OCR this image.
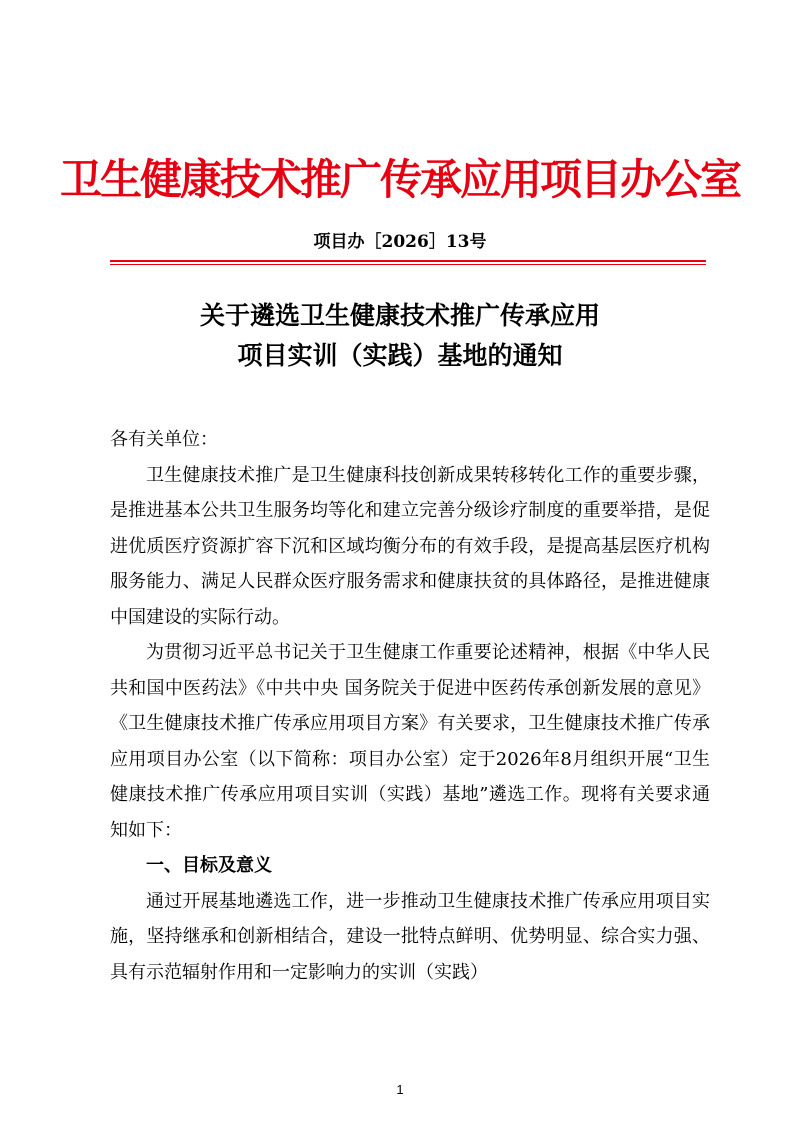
卫生健康技术推广传承应用项目办公室
项目办［2026］13号
关于遴选卫生健康技术推广传承应用
项目实训（实践）基地的通知

各有关单位：

卫生健康技术推广是卫生健康科技创新成果转移转化工作的重要步骤，是推进基本公共卫生服务均等化和建立完善分级诊疗制度的重要举措，是促进优质医疗资源扩容下沉和区域均衡分布的有效手段，是提高基层医疗机构服务能力、满足人民群众医疗服务需求和健康扶贫的具体路径，是推进健康中国建设的实际行动。

为贯彻习近平总书记关于卫生健康工作重要论述精神，根据《中华人民共和国中医药法》《中共中央 国务院关于促进中医药传承创新发展的意见》《卫生健康技术推广传承应用项目方案》有关要求，卫生健康技术推广传承应用项目办公室（以下简称：项目办公室）定于2026年8月组织开展“卫生健康技术推广传承应用项目实训（实践）基地”遴选工作。现将有关要求通知如下：

一、目标及意义

通过开展基地遴选工作，进一步推动卫生健康技术推广传承应用项目实施，坚持继承和创新相结合，建设一批特点鲜明、优势明显、综合实力强、具有示范辐射作用和一定影响力的实训（实践）

1
